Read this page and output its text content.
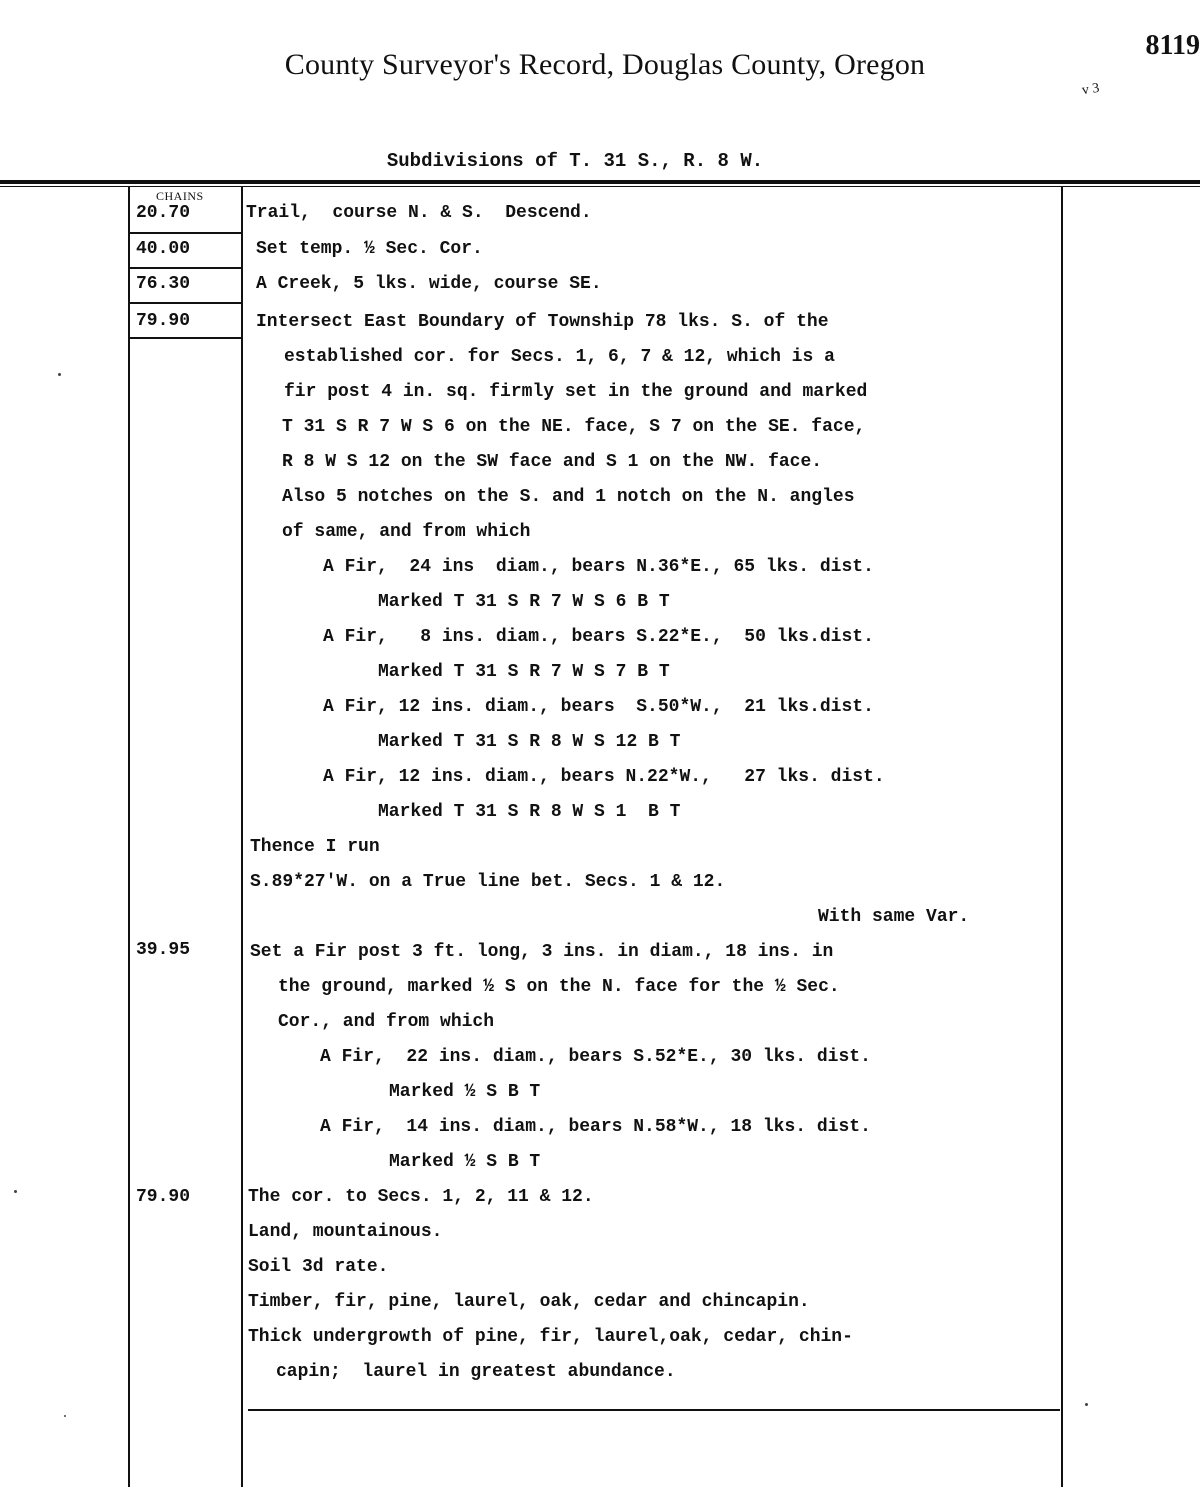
County Surveyor's Record, Douglas County, Oregon
8119
v 3
Subdivisions of T. 31 S., R. 8 W.
CHAINS
20.70
40.00
76.30
79.90
39.95
79.90
Trail,  course N. & S.  Descend.
Set temp. ½ Sec. Cor.
A Creek, 5 lks. wide, course SE.
Intersect East Boundary of Township 78 lks. S. of the
established cor. for Secs. 1, 6, 7 & 12, which is a
fir post 4 in. sq. firmly set in the ground and marked
T 31 S R 7 W S 6 on the NE. face, S 7 on the SE. face,
R 8 W S 12 on the SW face and S 1 on the NW. face.
Also 5 notches on the S. and 1 notch on the N. angles
of same, and from which
A Fir,  24 ins  diam., bears N.36*E., 65 lks. dist.
Marked T 31 S R 7 W S 6 B T
A Fir,   8 ins. diam., bears S.22*E.,  50 lks.dist.
Marked T 31 S R 7 W S 7 B T
A Fir, 12 ins. diam., bears  S.50*W.,  21 lks.dist.
Marked T 31 S R 8 W S 12 B T
A Fir, 12 ins. diam., bears N.22*W.,   27 lks. dist.
Marked T 31 S R 8 W S 1  B T
Thence I run
S.89*27'W. on a True line bet. Secs. 1 & 12.
With same Var.
Set a Fir post 3 ft. long, 3 ins. in diam., 18 ins. in
the ground, marked ½ S on the N. face for the ½ Sec.
Cor., and from which
A Fir,  22 ins. diam., bears S.52*E., 30 lks. dist.
Marked ½ S B T
A Fir,  14 ins. diam., bears N.58*W., 18 lks. dist.
Marked ½ S B T
The cor. to Secs. 1, 2, 11 & 12.
Land, mountainous.
Soil 3d rate.
Timber, fir, pine, laurel, oak, cedar and chincapin.
Thick undergrowth of pine, fir, laurel,oak, cedar, chin-
capin;  laurel in greatest abundance.
